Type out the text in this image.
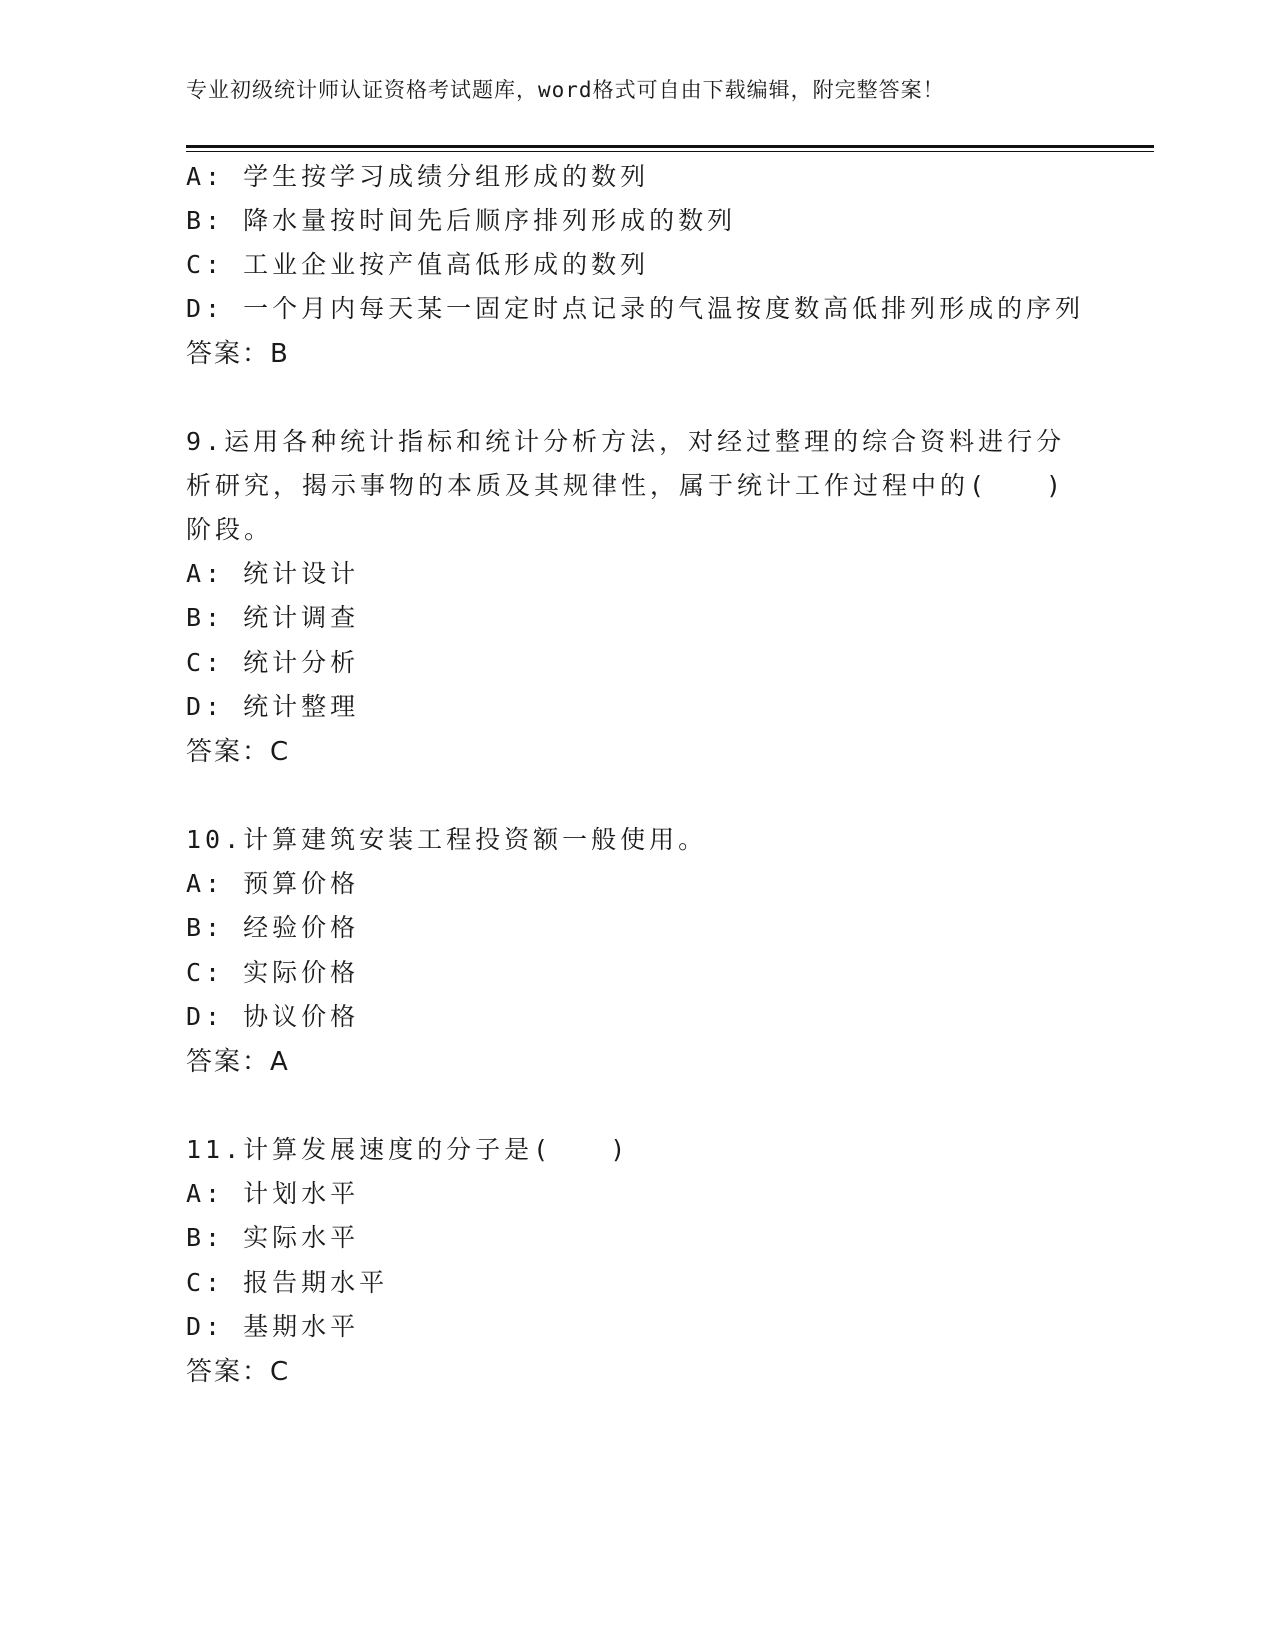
专业初级统计师认证资格考试题库，word格式可自由下载编辑，附完整答案！
A: 学生按学习成绩分组形成的数列
B: 降水量按时间先后顺序排列形成的数列
C: 工业企业按产值高低形成的数列
D: 一个月内每天某一固定时点记录的气温按度数高低排列形成的序列
答案：B
9.运用各种统计指标和统计分析方法，对经过整理的综合资料进行分
析研究，揭示事物的本质及其规律性，属于统计工作过程中的(　　)
阶段。
A: 统计设计
B: 统计调查
C: 统计分析
D: 统计整理
答案：C
10.计算建筑安装工程投资额一般使用。
A: 预算价格
B: 经验价格
C: 实际价格
D: 协议价格
答案：A
11.计算发展速度的分子是(　　)
A: 计划水平
B: 实际水平
C: 报告期水平
D: 基期水平
答案：C
